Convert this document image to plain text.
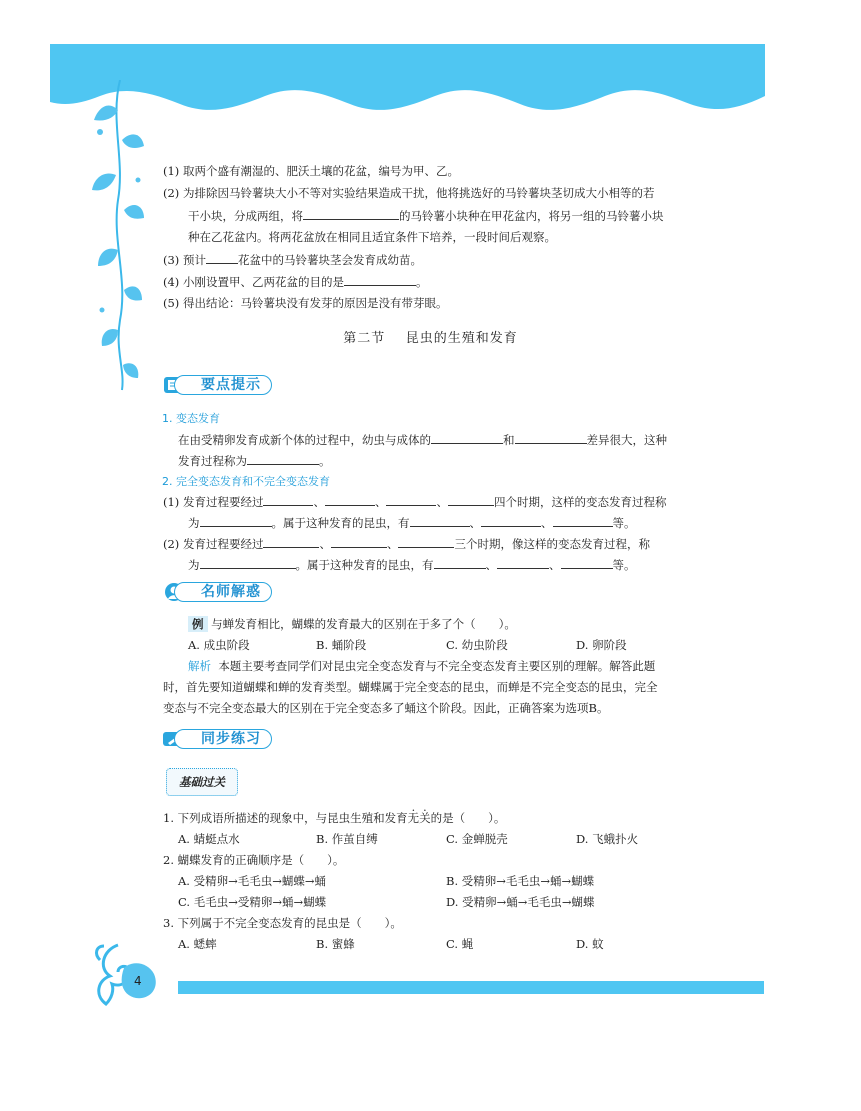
(1) 取两个盛有潮湿的、肥沃土壤的花盆，编号为甲、乙。
(2) 为排除因马铃薯块大小不等对实验结果造成干扰，他将挑选好的马铃薯块茎切成大小相等的若
干小块，分成两组，将	的马铃薯小块种在甲花盆内，将另一组的马铃薯小块
种在乙花盆内。将两花盆放在相同且适宜条件下培养，一段时间后观察。
(3) 预计	花盆中的马铃薯块茎会发育成幼苗。
(4) 小刚设置甲、乙两花盆的目的是	。
(5) 得出结论：马铃薯块没有发芽的原因是没有带芽眼。
第二节    昆虫的生殖和发育
要点提示
1. 变态发育
在由受精卵发育成新个体的过程中，幼虫与成体的	和	差异很大，这种
发育过程称为	。
2. 完全变态发育和不完全变态发育
(1) 发育过程要经过	、	、	、	四个时期，这样的变态发育过程称
为	。属于这种发育的昆虫，有	、	、	等。
(2) 发育过程要经过	、	、	三个时期，像这样的变态发育过程，称
为	。属于这种发育的昆虫，有	、	、	等。
名师解惑
例 与蝉发育相比，蝴蝶的发育最大的区别在于多了个（　　）。
A. 成虫阶段	B. 蛹阶段	C. 幼虫阶段	D. 卵阶段
解析 本题主要考查同学们对昆虫完全变态发育与不完全变态发育主要区别的理解。解答此题
时，首先要知道蝴蝶和蝉的发育类型。蝴蝶属于完全变态的昆虫，而蝉是不完全变态的昆虫，完全
变态与不完全变态最大的区别在于完全变态多了蛹这个阶段。因此，正确答案为选项B。
同步练习
基础过关
1. 下列成语所描述的现象中，与昆虫生殖和发育无关的是（　　）。
A. 蜻蜓点水	B. 作茧自缚	C. 金蝉脱壳	D. 飞蛾扑火
2. 蝴蝶发育的正确顺序是（　　）。
A. 受精卵→毛毛虫→蝴蝶→蛹	B. 受精卵→毛毛虫→蛹→蝴蝶
C. 毛毛虫→受精卵→蛹→蝴蝶	D. 受精卵→蛹→毛毛虫→蝴蝶
3. 下列属于不完全变态发育的昆虫是（　　）。
A. 蟋蟀	B. 蜜蜂	C. 蝇	D. 蚊
4
